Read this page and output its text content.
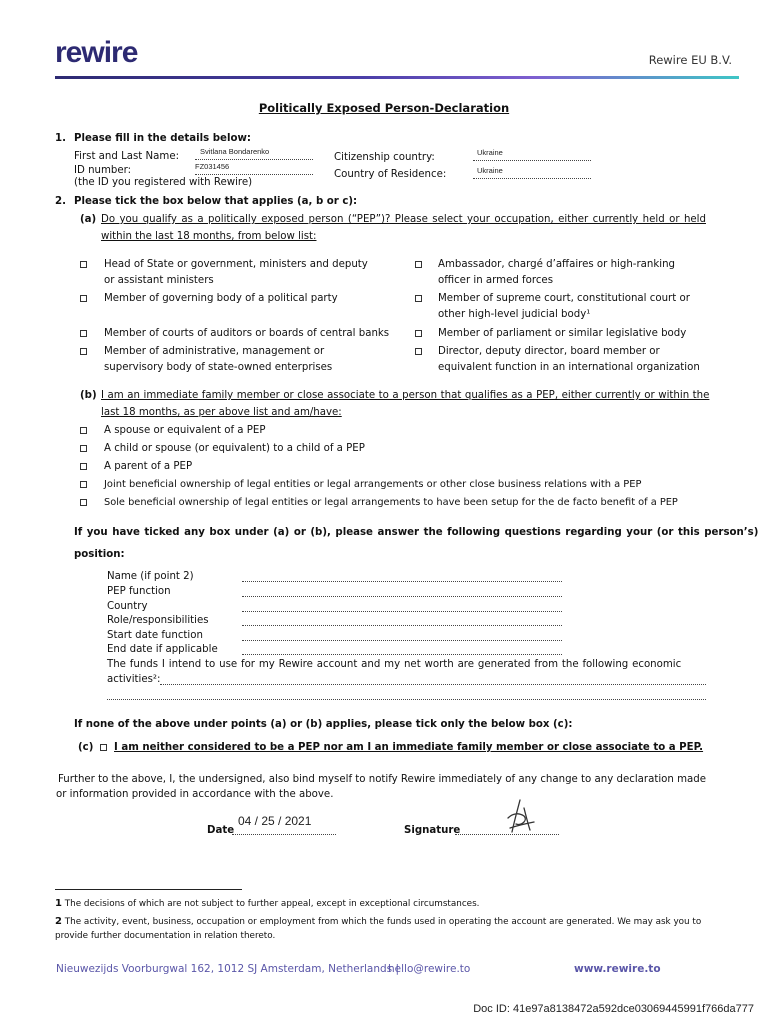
rewire	Rewire EU B.V.
Politically Exposed Person-Declaration
1. Please fill in the details below:
First and Last Name:	Svitlana Bondarenko
ID number:	FZ031456
(the ID you registered with Rewire)
Citizenship country:	Ukraine
Country of Residence:	Ukraine
2. Please tick the box below that applies (a, b or c):
(a) Do you qualify as a politically exposed person (“PEP”)? Please select your occupation, either currently held or held
within the last 18 months, from below list:
Head of State or government, ministers and deputy
or assistant ministers
Member of governing body of a political party
Member of courts of auditors or boards of central banks
Member of administrative, management or
supervisory body of state-owned enterprises
Ambassador, chargé d’affaires or high-ranking
officer in armed forces
Member of supreme court, constitutional court or
other high-level judicial body¹
Member of parliament or similar legislative body
Director, deputy director, board member or
equivalent function in an international organization
(b) I am an immediate family member or close associate to a person that qualifies as a PEP, either currently or within the
last 18 months, as per above list and am/have:
A spouse or equivalent of a PEP
A child or spouse (or equivalent) to a child of a PEP
A parent of a PEP
Joint beneficial ownership of legal entities or legal arrangements or other close business relations with a PEP
Sole beneficial ownership of legal entities or legal arrangements to have been setup for the de facto benefit of a PEP
If you have ticked any box under (a) or (b), please answer the following questions regarding your (or this person’s)
position:
Name (if point 2)
PEP function
Country
Role/responsibilities
Start date function
End date if applicable
The funds I intend to use for my Rewire account and my net worth are generated from the following economic
activities²:
If none of the above under points (a) or (b) applies, please tick only the below box (c):
(c) I am neither considered to be a PEP nor am I an immediate family member or close associate to a PEP.
Further to the above, I, the undersigned, also bind myself to notify Rewire immediately of any change to any declaration made
or information provided in accordance with the above.
04 / 25 / 2021
Date	Signature
1 The decisions of which are not subject to further appeal, except in exceptional circumstances.
2 The activity, event, business, occupation or employment from which the funds used in operating the account are generated. We may ask you to provide further documentation in relation thereto.
Nieuwezijds Voorburgwal 162, 1012 SJ Amsterdam, Netherlands |
hello@rewire.to	www.rewire.to
Doc ID: 41e97a8138472a592dce03069445991f766da777
